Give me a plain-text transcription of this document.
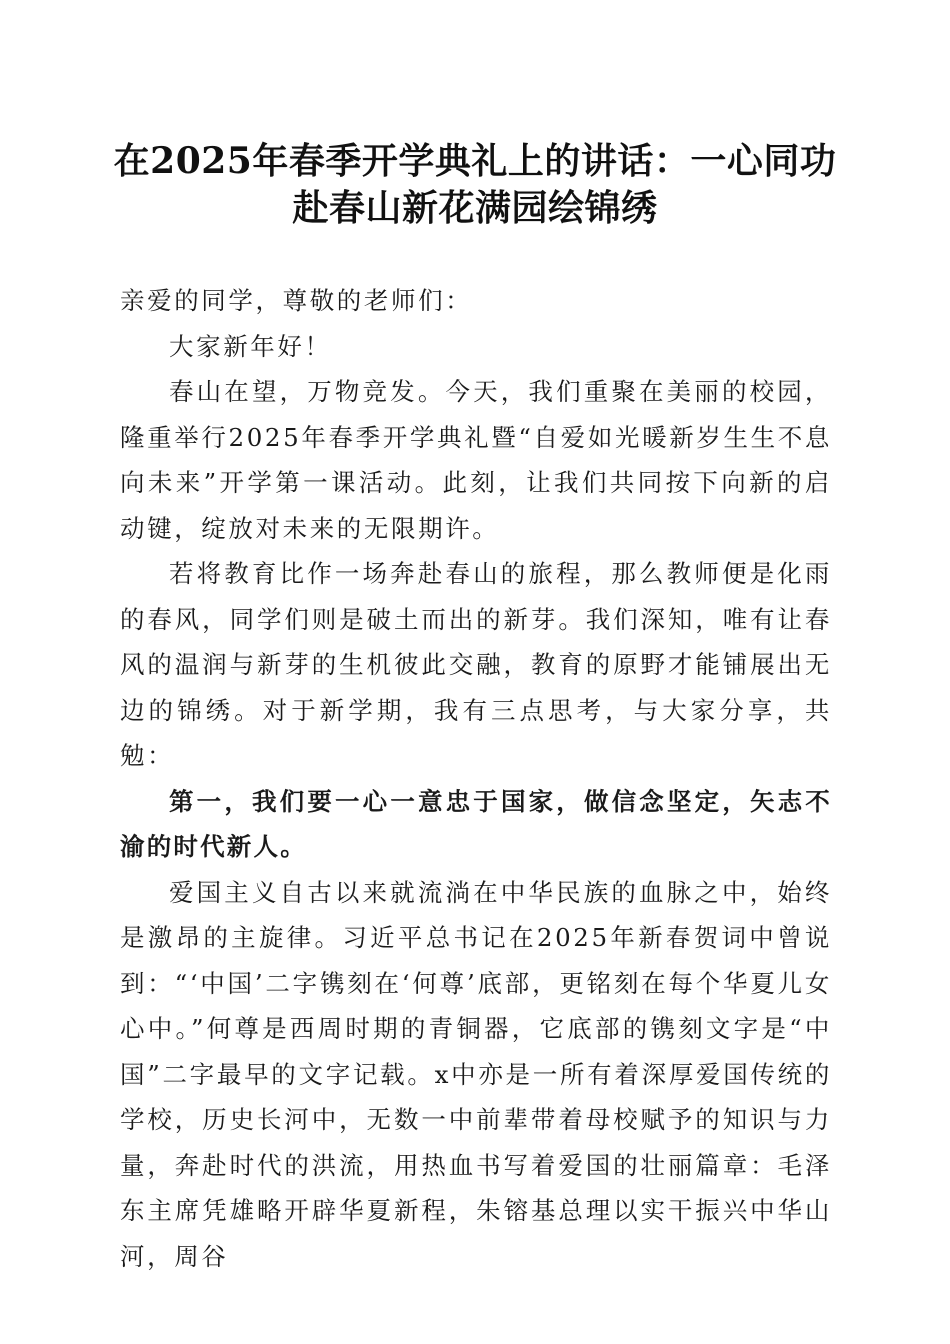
在2025年春季开学典礼上的讲话：一心同功
赴春山新花满园绘锦绣

亲爱的同学，尊敬的老师们：

大家新年好！

春山在望，万物竞发。今天，我们重聚在美丽的校园，隆重举行2025年春季开学典礼暨“自爱如光暖新岁生生不息向未来”开学第一课活动。此刻，让我们共同按下向新的启动键，绽放对未来的无限期许。

若将教育比作一场奔赴春山的旅程，那么教师便是化雨的春风，同学们则是破土而出的新芽。我们深知，唯有让春风的温润与新芽的生机彼此交融，教育的原野才能铺展出无边的锦绣。对于新学期，我有三点思考，与大家分享，共勉：

第一，我们要一心一意忠于国家，做信念坚定，矢志不渝的时代新人。

爱国主义自古以来就流淌在中华民族的血脉之中，始终是激昂的主旋律。习近平总书记在2025年新春贺词中曾说到：“‘中国’二字镌刻在‘何尊’底部，更铭刻在每个华夏儿女心中。”何尊是西周时期的青铜器，它底部的镌刻文字是“中国”二字最早的文字记载。x中亦是一所有着深厚爱国传统的学校，历史长河中，无数一中前辈带着母校赋予的知识与力量，奔赴时代的洪流，用热血书写着爱国的壮丽篇章：毛泽东主席凭雄略开辟华夏新程，朱镕基总理以实干振兴中华山河，周谷
